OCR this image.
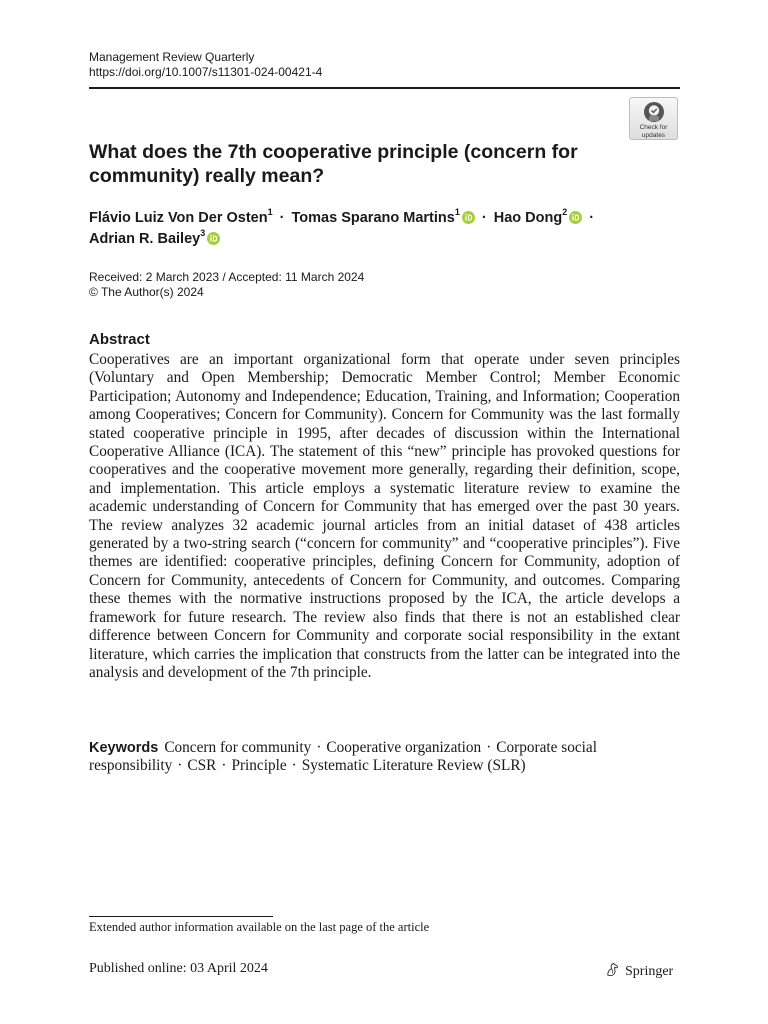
Management Review Quarterly
https://doi.org/10.1007/s11301-024-00421-4
Check for
updates
What does the 7th cooperative principle (concern for community) really mean?
Flávio Luiz Von Der Osten$^1$ · Tomas Sparano Martins$^1$ · Hao Dong$^2$ ·
Adrian R. Bailey$^3$
Received: 2 March 2023 / Accepted: 11 March 2024
© The Author(s) 2024
Abstract

Cooperatives are an important organizational form that operate under seven principles (Voluntary and Open Membership; Democratic Member Control; Member Economic Participation; Autonomy and Independence; Education, Training, and Information; Cooperation among Cooperatives; Concern for Community). Concern for Community was the last formally stated cooperative principle in 1995, after decades of discussion within the International Cooperative Alliance (ICA). The statement of this “new” principle has provoked questions for cooperatives and the cooperative movement more generally, regarding their definition, scope, and implementation. This article employs a systematic literature review to examine the academic understanding of Concern for Community that has emerged over the past 30 years. The review analyzes 32 academic journal articles from an initial dataset of 438 articles generated by a two-string search (“concern for community” and “cooperative principles”). Five themes are identified: cooperative principles, defining Concern for Community, adoption of Concern for Community, antecedents of Concern for Community, and outcomes. Comparing these themes with the normative instructions proposed by the ICA, the article develops a framework for future research. The review also finds that there is not an established clear difference between Concern for Community and corporate social responsibility in the extant literature, which carries the implication that constructs from the latter can be integrated into the analysis and development of the 7th principle.

Keywords Concern for community · Cooperative organization · Corporate social responsibility · CSR · Principle · Systematic Literature Review (SLR)

Extended author information available on the last page of the article
Published online: 03 April 2024	Springer
